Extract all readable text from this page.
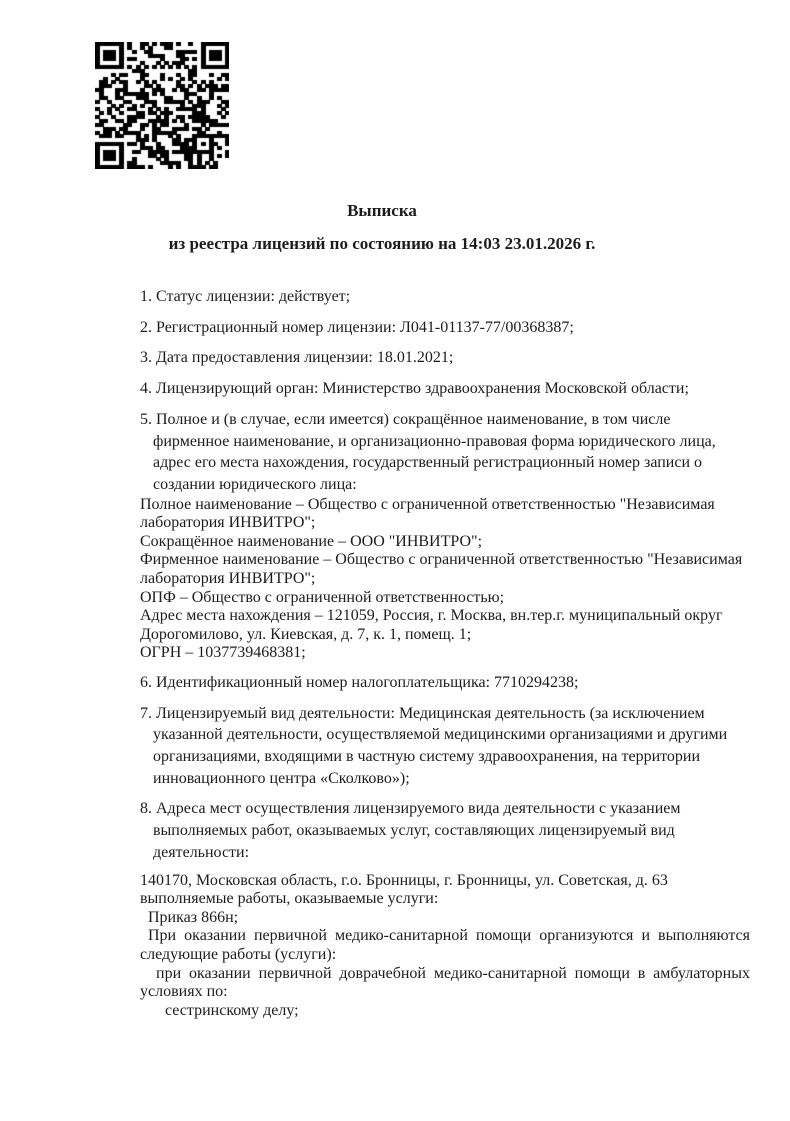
Выписка
из реестра лицензий по состоянию на 14:03 23.01.2026 г.
1. Статус лицензии: действует;
2. Регистрационный номер лицензии: Л041-01137-77/00368387;
3. Дата предоставления лицензии: 18.01.2021;
4. Лицензирующий орган: Министерство здравоохранения Московской области;
5. Полное и (в случае, если имеется) сокращённое наименование, в том числе фирменное наименование, и организационно-правовая форма юридического лица, адрес его места нахождения, государственный регистрационный номер записи о создании юридического лица:
Полное наименование – Общество с ограниченной ответственностью "Независимая лаборатория ИНВИТРО";
Сокращённое наименование – ООО "ИНВИТРО";
Фирменное наименование – Общество с ограниченной ответственностью "Независимая лаборатория ИНВИТРО";
ОПФ – Общество с ограниченной ответственностью;
Адрес места нахождения – 121059, Россия, г. Москва, вн.тер.г. муниципальный округ Дорогомилово, ул. Киевская, д. 7, к. 1, помещ. 1;
ОГРН – 1037739468381;
6. Идентификационный номер налогоплательщика: 7710294238;
7. Лицензируемый вид деятельности: Медицинская деятельность (за исключением указанной деятельности, осуществляемой медицинскими организациями и другими организациями, входящими в частную систему здравоохранения, на территории инновационного центра «Сколково»);
8. Адреса мест осуществления лицензируемого вида деятельности с указанием выполняемых работ, оказываемых услуг, составляющих лицензируемый вид деятельности:
140170, Московская область, г.о. Бронницы, г. Бронницы, ул. Советская, д. 63
выполняемые работы, оказываемые услуги:
Приказ 866н;
При оказании первичной медико-санитарной помощи организуются и выполняются следующие работы (услуги):
при оказании первичной доврачебной медико-санитарной помощи в амбулаторных условиях по:
сестринскому делу;
